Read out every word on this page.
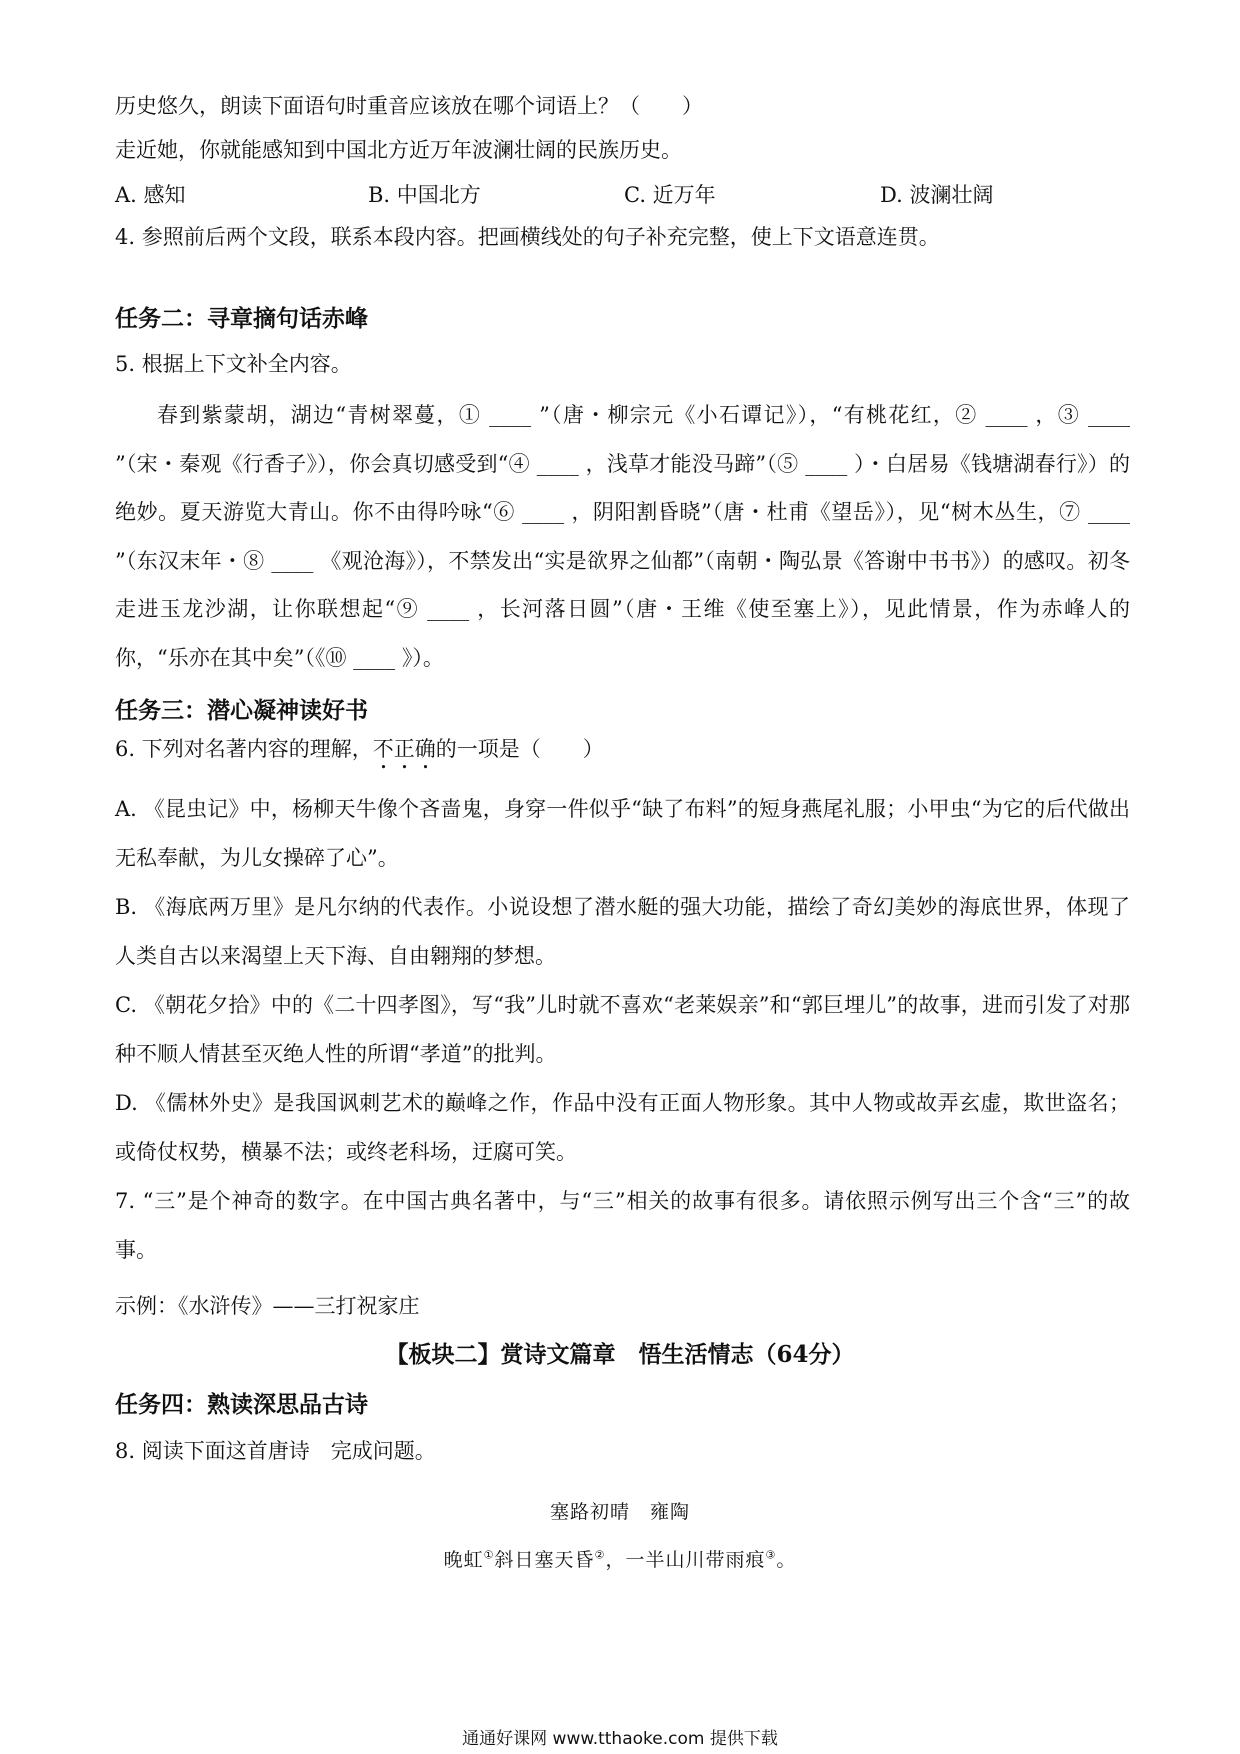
历史悠久，朗读下面语句时重音应该放在哪个词语上？（　　）
走近她，你就能感知到中国北方近万年波澜壮阔的民族历史。
A. 感知	B. 中国北方	C. 近万年	D. 波澜壮阔
4. 参照前后两个文段，联系本段内容。把画横线处的句子补充完整，使上下文语意连贯。
任务二：寻章摘句话赤峰
5. 根据上下文补全内容。
春到紫蒙胡，湖边“青树翠蔓，① ____ ”（唐・柳宗元《小石谭记》），“有桃花红，② ____ ，③ ____ ”（宋・秦观《行香子》），你会真切感受到“④ ____ ，浅草才能没马蹄”（⑤ ____ ）・白居易《钱塘湖春行》）的绝妙。夏天游览大青山。你不由得吟咏“⑥ ____ ，阴阳割昏晓”（唐・杜甫《望岳》），见“树木丛生，⑦ ____ ”（东汉末年・⑧ ____ 《观沧海》），不禁发出“实是欲界之仙都”（南朝・陶弘景《答谢中书书》）的感叹。初冬走进玉龙沙湖，让你联想起“⑨ ____ ，长河落日圆”（唐・王维《使至塞上》），见此情景，作为赤峰人的你，“乐亦在其中矣”（《⑩ ____ 》）。
任务三：潜心凝神读好书
6. 下列对名著内容的理解，不正确的一项是（　　）
A. 《昆虫记》中，杨柳天牛像个吝啬鬼，身穿一件似乎“缺了布料”的短身燕尾礼服；小甲虫“为它的后代做出无私奉献，为儿女操碎了心”。
B. 《海底两万里》是凡尔纳的代表作。小说设想了潜水艇的强大功能，描绘了奇幻美妙的海底世界，体现了人类自古以来渴望上天下海、自由翱翔的梦想。
C. 《朝花夕拾》中的《二十四孝图》，写“我”儿时就不喜欢“老莱娱亲”和“郭巨埋儿”的故事，进而引发了对那种不顺人情甚至灭绝人性的所谓“孝道”的批判。
D. 《儒林外史》是我国讽刺艺术的巅峰之作，作品中没有正面人物形象。其中人物或故弄玄虚，欺世盗名；或倚仗权势，横暴不法；或终老科场，迂腐可笑。
7. “三”是个神奇的数字。在中国古典名著中，与“三”相关的故事有很多。请依照示例写出三个含“三”的故事。
示例：《水浒传》——三打祝家庄
【板块二】赏诗文篇章　悟生活情志（64分）
任务四：熟读深思品古诗
8. 阅读下面这首唐诗　完成问题。
塞路初晴　雍陶
晚虹①斜日塞天昏②，一半山川带雨痕③。
通通好课网 www.tthaoke.com 提供下载
